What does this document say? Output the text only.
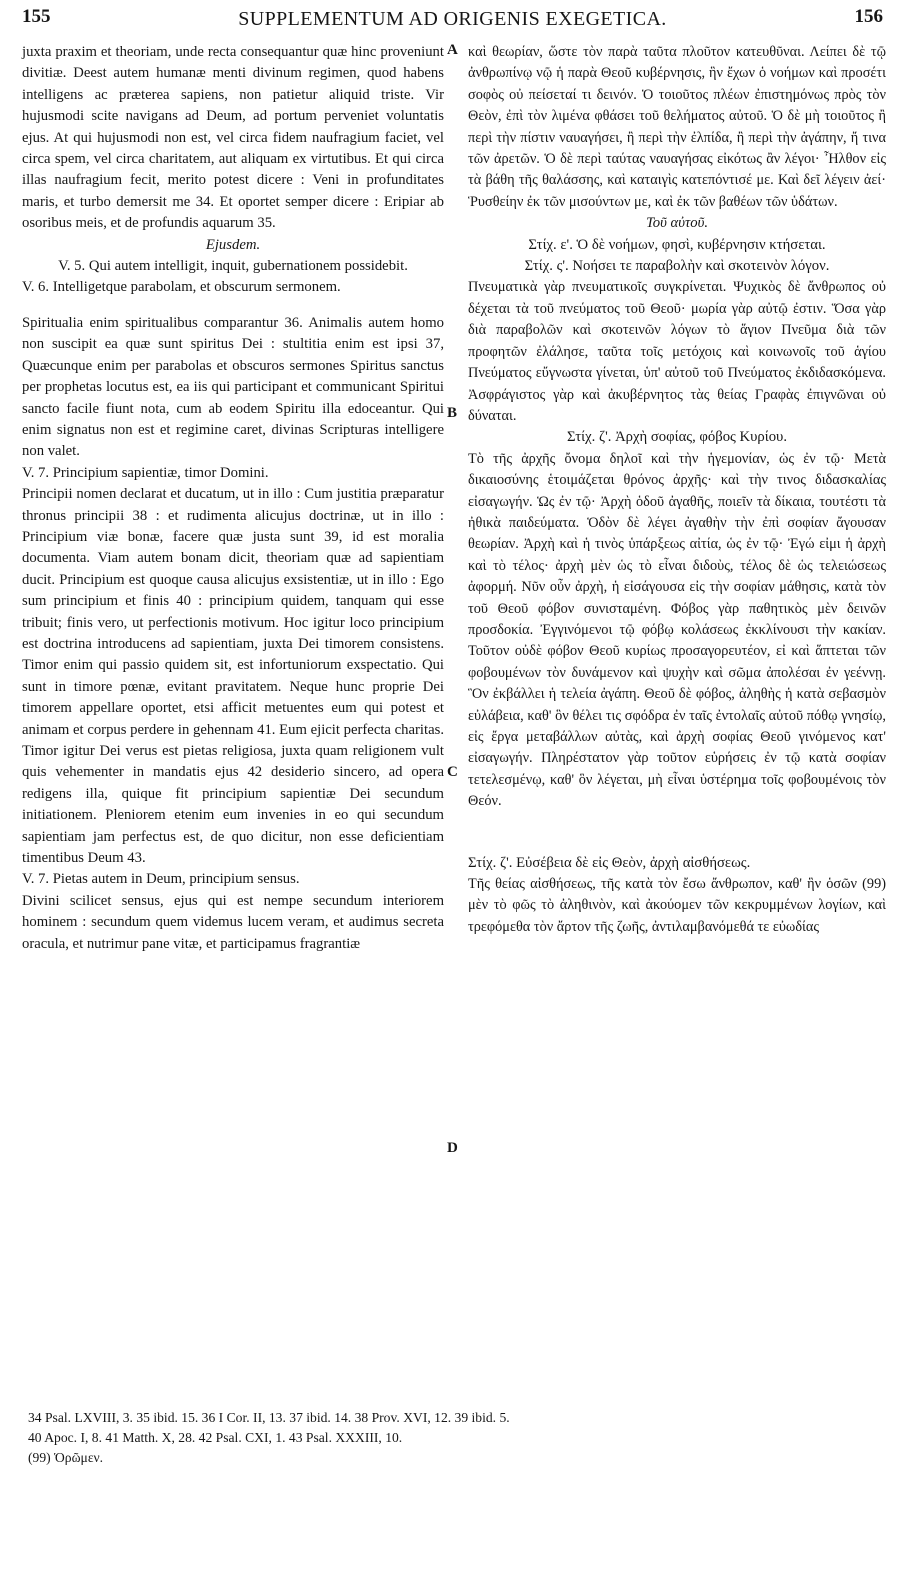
155	SUPPLEMENTUM AD ORIGENIS EXEGETICA.	156

juxta praxim et theoriam, unde recta consequantur quæ hinc proveniunt divitiæ. Deest autem humanæ menti divinum regimen, quod habens intelligens ac præterea sapiens, non patietur aliquid triste. Vir hujusmodi scite navigans ad Deum, ad portum perveniet voluntatis ejus. At qui hujusmodi non est, vel circa fidem naufragium faciet, vel circa spem, vel circa charitatem, aut aliquam ex virtutibus. Et qui circa illas naufragium fecit, merito potest dicere : Veni in profunditates maris, et turbo demersit me 34. Et oportet semper dicere : Eripiar ab osoribus meis, et de profundis aquarum 35.

Ejusdem.
V. 5. Qui autem intelligit, inquit, gubernationem possidebit.
V. 6. Intelligetque parabolam, et obscurum sermonem.

Spiritualia enim spiritualibus comparantur 36. Animalis autem homo non suscipit ea quæ sunt spiritus Dei : stultitia enim est ipsi 37, Quæcunque enim per parabolas et obscuros sermones Spiritus sanctus per prophetas locutus est, ea iis qui participant et communicant Spiritui sancto facile fiunt nota, cum ab eodem Spiritu illa edoceantur. Qui enim signatus non est et regimine caret, divinas Scripturas intelligere non valet.

V. 7. Principium sapientiæ, timor Domini.

Principii nomen declarat et ducatum, ut in illo : Cum justitia præparatur thronus principii 38 : et rudimenta alicujus doctrinæ, ut in illo : Principium viæ bonæ, facere quæ justa sunt 39, id est moralia documenta. Viam autem bonam dicit, theoriam quæ ad sapientiam ducit. Principium est quoque causa alicujus exsistentiæ, ut in illo : Ego sum principium et finis 40 : principium quidem, tanquam qui esse tribuit; finis vero, ut perfectionis motivum. Hoc igitur loco principium est doctrina introducens ad sapientiam, juxta Dei timorem consistens. Timor enim qui passio quidem sit, est infortuniorum exspectatio. Qui sunt in timore pœnæ, evitant pravitatem. Neque hunc proprie Dei timorem appellare oportet, etsi afficit metuentes eum qui potest et animam et corpus perdere in gehennam 41. Eum ejicit perfecta charitas. Timor igitur Dei verus est pietas religiosa, juxta quam religionem vult quis vehementer in mandatis ejus 42 desiderio sincero, ad opera redigens illa, quique fit principium sapientiæ Dei secundum initiationem. Pleniorem etenim eum invenies in eo qui secundum sapientiam jam perfectus est, de quo dicitur, non esse deficientiam timentibus Deum 43.

V. 7. Pietas autem in Deum, principium sensus.

Divini scilicet sensus, ejus qui est nempe secundum interiorem hominem : secundum quem videmus lucem veram, et audimus secreta oracula, et nutrimur pane vitæ, et participamus fragrantiæ

A
B
C
D

καὶ θεωρίαν, ὥστε τὸν παρὰ ταῦτα πλοῦτον κατευθῦναι. Λείπει δὲ τῷ ἀνθρωπίνῳ νῷ ἡ παρὰ Θεοῦ κυβέρνησις, ἣν ἔχων ὁ νοήμων καὶ προσέτι σοφὸς οὐ πείσεταί τι δεινόν. Ὁ τοιοῦτος πλέων ἐπιστημόνως πρὸς τὸν Θεὸν, ἐπὶ τὸν λιμένα φθάσει τοῦ θελήματος αὐτοῦ. Ὁ δὲ μὴ τοιοῦτος ἢ περὶ τὴν πίστιν ναυαγήσει, ἢ περὶ τὴν ἐλπίδα, ἢ περὶ τὴν ἀγάπην, ἤ τινα τῶν ἀρετῶν. Ὁ δὲ περὶ ταύτας ναυαγήσας εἰκότως ἂν λέγοι· Ἦλθον εἰς τὰ βάθη τῆς θαλάσσης, καὶ καταιγὶς κατεπόντισέ με. Καὶ δεῖ λέγειν ἀεί· Ῥυσθείην ἐκ τῶν μισούντων με, καὶ ἐκ τῶν βαθέων τῶν ὑδάτων.

Τοῦ αὐτοῦ.
Στίχ. ε'. Ὁ δὲ νοήμων, φησὶ, κυβέρνησιν κτήσεται.
Στίχ. ς'. Νοήσει τε παραβολὴν καὶ σκοτεινὸν λόγον.

Πνευματικὰ γὰρ πνευματικοῖς συγκρίνεται. Ψυχικὸς δὲ ἄνθρωπος οὐ δέχεται τὰ τοῦ πνεύματος τοῦ Θεοῦ· μωρία γὰρ αὐτῷ ἐστιν. Ὅσα γὰρ διὰ παραβολῶν καὶ σκοτεινῶν λόγων τὸ ἅγιον Πνεῦμα διὰ τῶν προφητῶν ἐλάλησε, ταῦτα τοῖς μετόχοις καὶ κοινωνοῖς τοῦ ἁγίου Πνεύματος εὔγνωστα γίνεται, ὑπ' αὐτοῦ τοῦ Πνεύματος ἐκδιδασκόμενα. Ἀσφράγιστος γὰρ καὶ ἀκυβέρνητος τὰς θείας Γραφὰς ἐπιγνῶναι οὐ δύναται.

Στίχ. ζ'. Ἀρχὴ σοφίας, φόβος Κυρίου.

Τὸ τῆς ἀρχῆς ὄνομα δηλοῖ καὶ τὴν ἡγεμονίαν, ὡς ἐν τῷ· Μετὰ δικαιοσύνης ἑτοιμάζεται θρόνος ἀρχῆς· καὶ τὴν τινος διδασκαλίας εἰσαγωγήν. Ὡς ἐν τῷ· Ἀρχὴ ὁδοῦ ἀγαθῆς, ποιεῖν τὰ δίκαια, τουτέστι τὰ ἠθικὰ παιδεύματα. Ὁδὸν δὲ λέγει ἀγαθὴν τὴν ἐπὶ σοφίαν ἄγουσαν θεωρίαν. Ἀρχὴ καὶ ἡ τινὸς ὑπάρξεως αἰτία, ὡς ἐν τῷ· Ἐγώ εἰμι ἡ ἀρχὴ καὶ τὸ τέλος· ἀρχὴ μὲν ὡς τὸ εἶναι διδοὺς, τέλος δὲ ὡς τελειώσεως ἀφορμή. Νῦν οὖν ἀρχὴ, ἡ εἰσάγουσα εἰς τὴν σοφίαν μάθησις, κατὰ τὸν τοῦ Θεοῦ φόβον συνισταμένη. Φόβος γὰρ παθητικὸς μὲν δεινῶν προσδοκία. Ἐγγινόμενοι τῷ φόβῳ κολάσεως ἐκκλίνουσι τὴν κακίαν. Τοῦτον οὐδὲ φόβον Θεοῦ κυρίως προσαγορευτέον, εἰ καὶ ἅπτεται τῶν φοβουμένων τὸν δυνάμενον καὶ ψυχὴν καὶ σῶμα ἀπολέσαι ἐν γεέννῃ. Ὃν ἐκβάλλει ἡ τελεία ἀγάπη. Θεοῦ δὲ φόβος, ἀληθὴς ἡ κατὰ σεβασμὸν εὐλάβεια, καθ' ὃν θέλει τις σφόδρα ἐν ταῖς ἐντολαῖς αὐτοῦ πόθῳ γνησίῳ, εἰς ἔργα μεταβάλλων αὐτὰς, καὶ ἀρχὴ σοφίας Θεοῦ γινόμενος κατ' εἰσαγωγήν. Πληρέστατον γὰρ τοῦτον εὑρήσεις ἐν τῷ κατὰ σοφίαν τετελεσμένῳ, καθ' ὃν λέγεται, μὴ εἶναι ὑστέρημα τοῖς φοβουμένοις τὸν Θεόν.

Στίχ. ζ'. Εὐσέβεια δὲ εἰς Θεὸν, ἀρχὴ αἰσθήσεως.

Τῆς θείας αἰσθήσεως, τῆς κατὰ τὸν ἔσω ἄνθρωπον, καθ' ἣν ὁσῶν (99) μὲν τὸ φῶς τὸ ἀληθινὸν, καὶ ἀκούομεν τῶν κεκρυμμένων λογίων, καὶ τρεφόμεθα τὸν ἄρτον τῆς ζωῆς, ἀντιλαμβανόμεθά τε εὐωδίας

34 Psal. LXVIII, 3. 35 ibid. 15. 36 I Cor. II, 13. 37 ibid. 14. 38 Prov. XVI, 12. 39 ibid. 5.
40 Apoc. I, 8. 41 Matth. X, 28. 42 Psal. CXI, 1. 43 Psal. XXXIII, 10.
(99) Ὁρῶμεν.
